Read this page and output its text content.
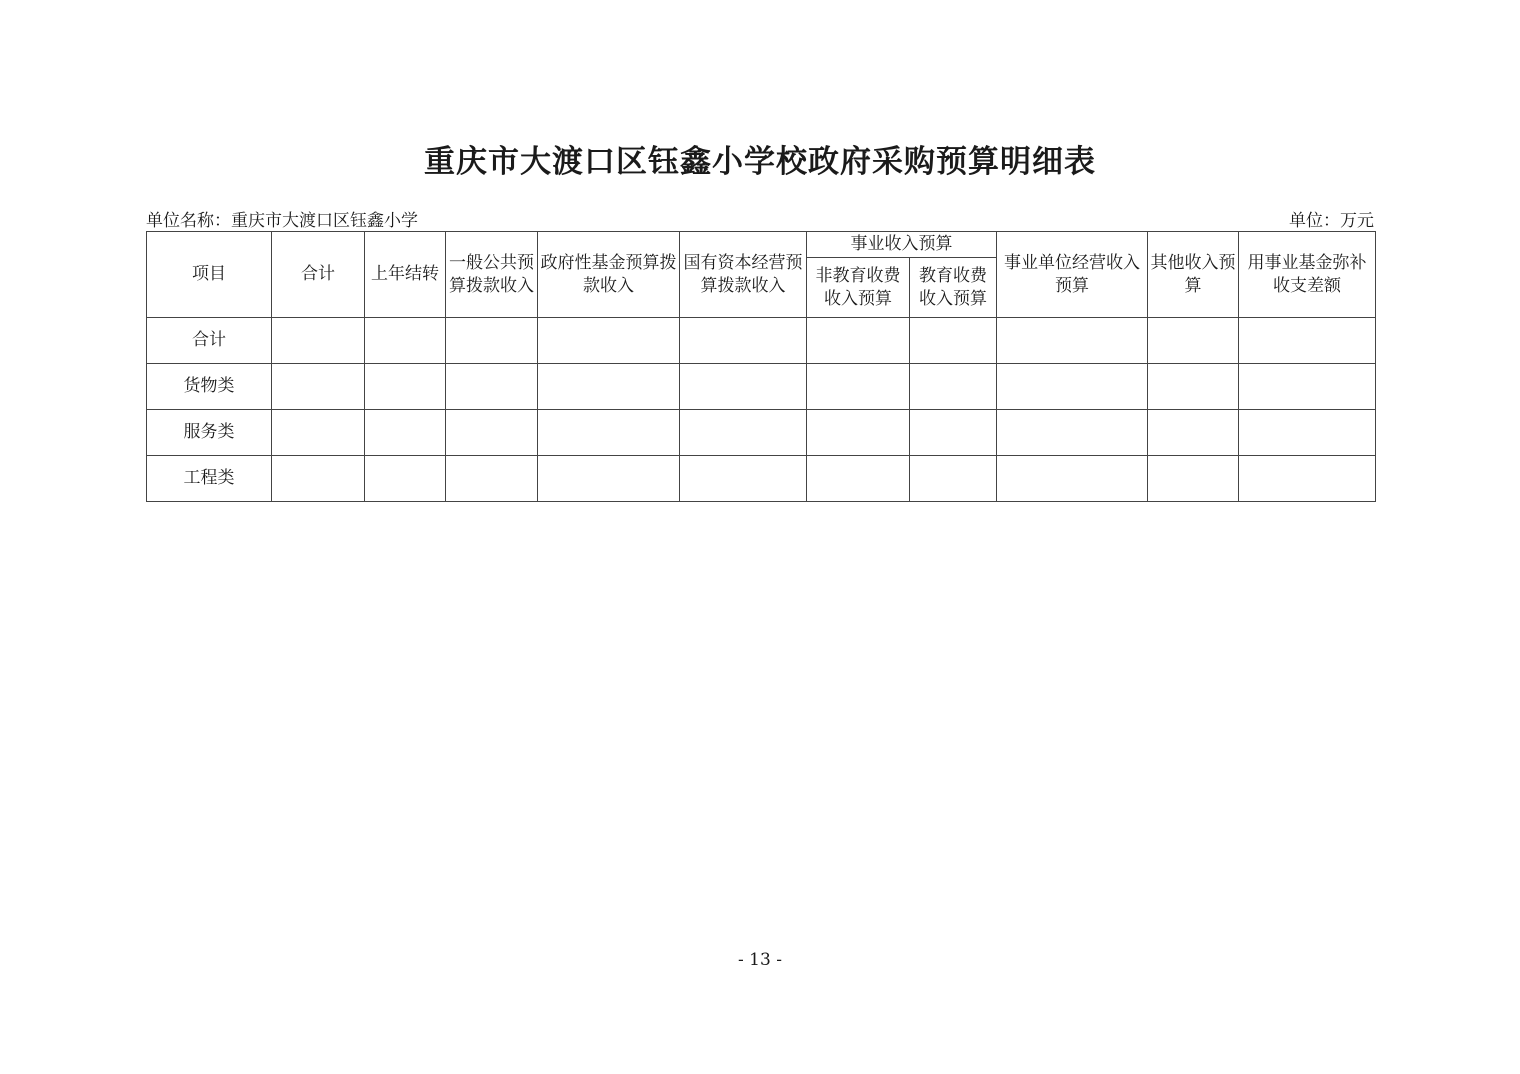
重庆市大渡口区钰鑫小学校政府采购预算明细表
单位名称：重庆市大渡口区钰鑫小学	单位：万元
项目	合计	上年结转	一般公共预算拨款收入	政府性基金预算拨款收入	国有资本经营预算拨款收入	事业收入预算		事业单位经营收入预算	其他收入预算	用事业基金弥补收支差额
						非教育收费收入预算	教育收费收入预算			
合计										
货物类										
服务类										
工程类										
- 13 -
